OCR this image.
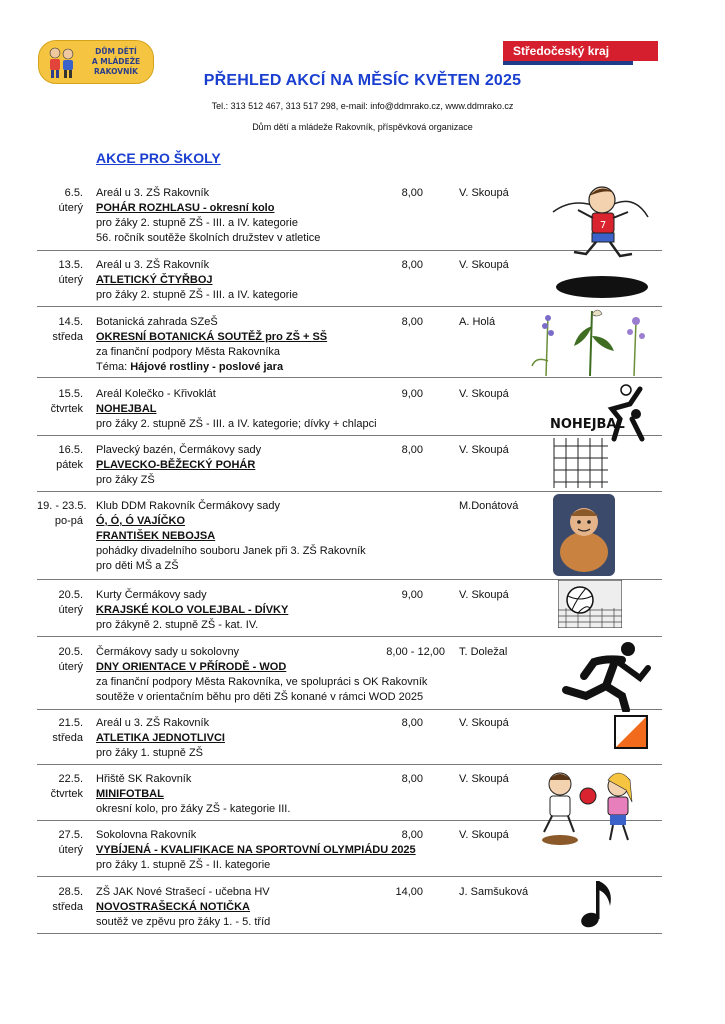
DŮM DĚTÍ
A MLÁDEŽE
RAKOVNÍK
Středočeský kraj
PŘEHLED AKCÍ NA MĚSÍC KVĚTEN 2025
Tel.: 313 512 467, 313 517 298, e-mail: info@ddmrako.cz, www.ddmrako.cz
Dům dětí a mládeže Rakovník, příspěvková organizace
AKCE PRO ŠKOLY
6.5.
úterý
Areál u 3. ZŠ Rakovník
POHÁR ROZHLASU - okresní kolo
pro žáky 2. stupně ZŠ - III. a IV. kategorie
56. ročník soutěže školních družstev v atletice
8,00	V. Skoupá
13.5.
úterý
Areál u 3. ZŠ Rakovník
ATLETICKÝ ČTYŘBOJ
pro žáky 2. stupně ZŠ - III. a IV. kategorie
8,00	V. Skoupá
14.5.
středa
Botanická zahrada SZeŠ
OKRESNÍ BOTANICKÁ SOUTĚŽ pro ZŠ + SŠ
za finanční podpory Města Rakovníka
Téma: Hájové rostliny - poslové jara
8,00	A. Holá
15.5.
čtvrtek
Areál Kolečko - Křivoklát
NOHEJBAL
pro žáky 2. stupně ZŠ - III. a IV. kategorie; dívky + chlapci
9,00	V. Skoupá
16.5.
pátek
Plavecký bazén, Čermákovy sady
PLAVECKO-BĚŽECKÝ POHÁR
pro žáky ZŠ
8,00	V. Skoupá
19. - 23.5.
po-pá
Klub DDM Rakovník Čermákovy sady
Ó, Ó, Ó VAJÍČKO
FRANTIŠEK NEBOJSA
pohádky divadelního souboru Janek při 3. ZŠ Rakovník
pro děti MŠ a ZŠ
M.Donátová
20.5.
úterý
Kurty Čermákovy sady
KRAJSKÉ KOLO VOLEJBAL - DÍVKY
pro žákyně 2. stupně ZŠ - kat. IV.
9,00	V. Skoupá
20.5.
úterý
Čermákovy sady u sokolovny
DNY ORIENTACE V PŘÍRODĚ - WOD
za finanční podpory Města Rakovníka, ve spolupráci s OK Rakovník
soutěže v orientačním běhu pro děti ZŠ konané v rámci WOD 2025
8,00 - 12,00 T. Doležal
21.5.
středa
Areál u 3. ZŠ Rakovník
ATLETIKA JEDNOTLIVCI
pro žáky 1. stupně ZŠ
8,00	V. Skoupá
22.5.
čtvrtek
Hřiště SK Rakovník
MINIFOTBAL
okresní kolo, pro žáky ZŠ - kategorie III.
8,00	V. Skoupá
27.5.
úterý
Sokolovna Rakovník
VYBÍJENÁ - KVALIFIKACE NA SPORTOVNÍ OLYMPIÁDU 2025
pro žáky 1. stupně ZŠ - II. kategorie
8,00	V. Skoupá
28.5.
středa
ZŠ JAK Nové Strašecí - učebna HV
NOVOSTRAŠECKÁ NOTIČKA
soutěž ve zpěvu pro žáky 1. - 5. tříd
14,00	J. Samšuková
7
NOHEJBAL
